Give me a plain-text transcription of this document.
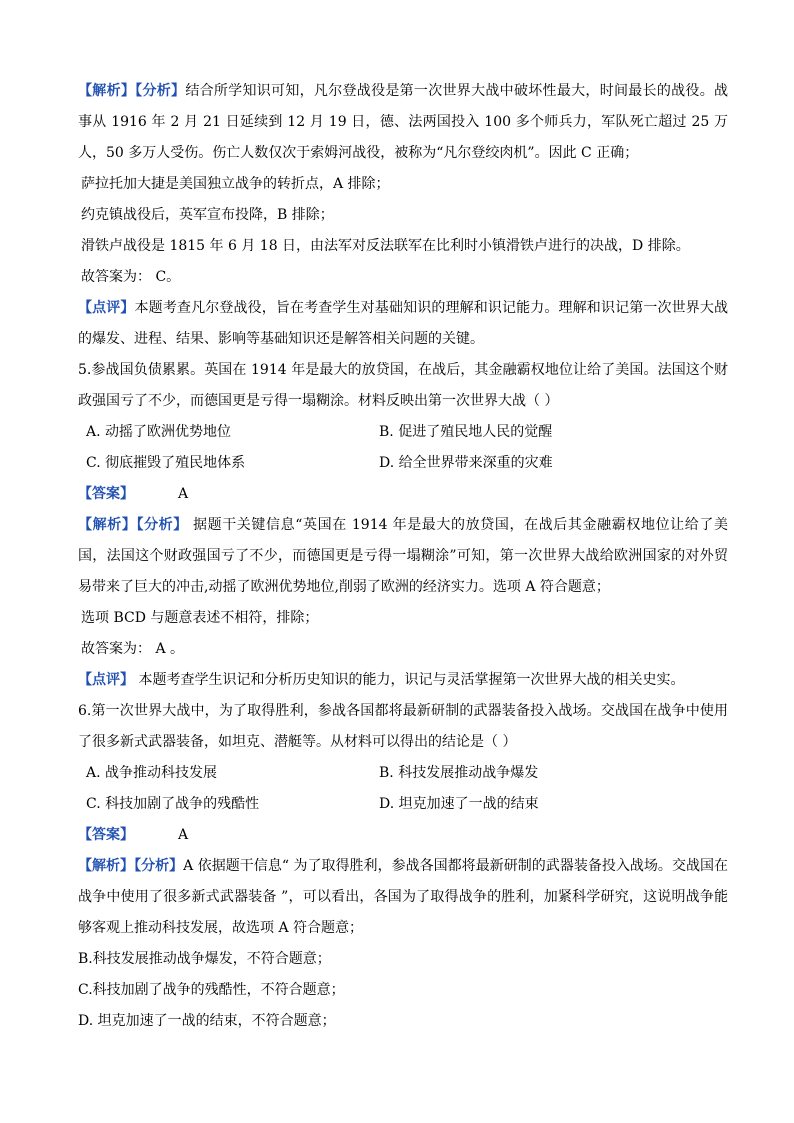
【解析】【分析】结合所学知识可知，凡尔登战役是第一次世界大战中破坏性最大，时间最长的战役。战事从 1916 年 2 月 21 日延续到 12 月 19 日，德、法两国投入 100 多个师兵力，军队死亡超过 25 万人，50 多万人受伤。伤亡人数仅次于索姆河战役，被称为“凡尔登绞肉机”。因此 C 正确；

萨拉托加大捷是美国独立战争的转折点，A 排除；

约克镇战役后，英军宣布投降，B 排除；

滑铁卢战役是 1815 年 6 月 18 日，由法军对反法联军在比利时小镇滑铁卢进行的决战，D 排除。

故答案为： C。

【点评】本题考查凡尔登战役，旨在考查学生对基础知识的理解和识记能力。理解和识记第一次世界大战的爆发、进程、结果、影响等基础知识还是解答相关问题的关键。

5.参战国负债累累。英国在 1914 年是最大的放贷国，在战后，其金融霸权地位让给了美国。法国这个财政强国亏了不少，而德国更是亏得一塌糊涂。材料反映出第一次世界大战（ ）

A. 动摇了欧洲优势地位	B. 促进了殖民地人民的觉醒
C. 彻底摧毁了殖民地体系	D. 给全世界带来深重的灾难
【答案】	A

【解析】【分析】 据题干关键信息“英国在 1914 年是最大的放贷国，在战后其金融霸权地位让给了美国，法国这个财政强国亏了不少，而德国更是亏得一塌糊涂”可知，第一次世界大战给欧洲国家的对外贸易带来了巨大的冲击,动摇了欧洲优势地位,削弱了欧洲的经济实力。选项 A 符合题意；

选项 BCD 与题意表述不相符，排除；

故答案为： A 。

【点评】 本题考查学生识记和分析历史知识的能力，识记与灵活掌握第一次世界大战的相关史实。

6.第一次世界大战中，为了取得胜利，参战各国都将最新研制的武器装备投入战场。交战国在战争中使用了很多新式武器装备，如坦克、潜艇等。从材料可以得出的结论是（ ）

A. 战争推动科技发展	B. 科技发展推动战争爆发
C. 科技加剧了战争的残酷性	D. 坦克加速了一战的结束
【答案】	A

【解析】【分析】A 依据题干信息“ 为了取得胜利，参战各国都将最新研制的武器装备投入战场。交战国在战争中使用了很多新式武器装备 ”，可以看出，各国为了取得战争的胜利，加紧科学研究，这说明战争能够客观上推动科技发展，故选项 A 符合题意；

B.科技发展推动战争爆发，不符合题意；

C.科技加剧了战争的残酷性，不符合题意；

D. 坦克加速了一战的结束，不符合题意；
